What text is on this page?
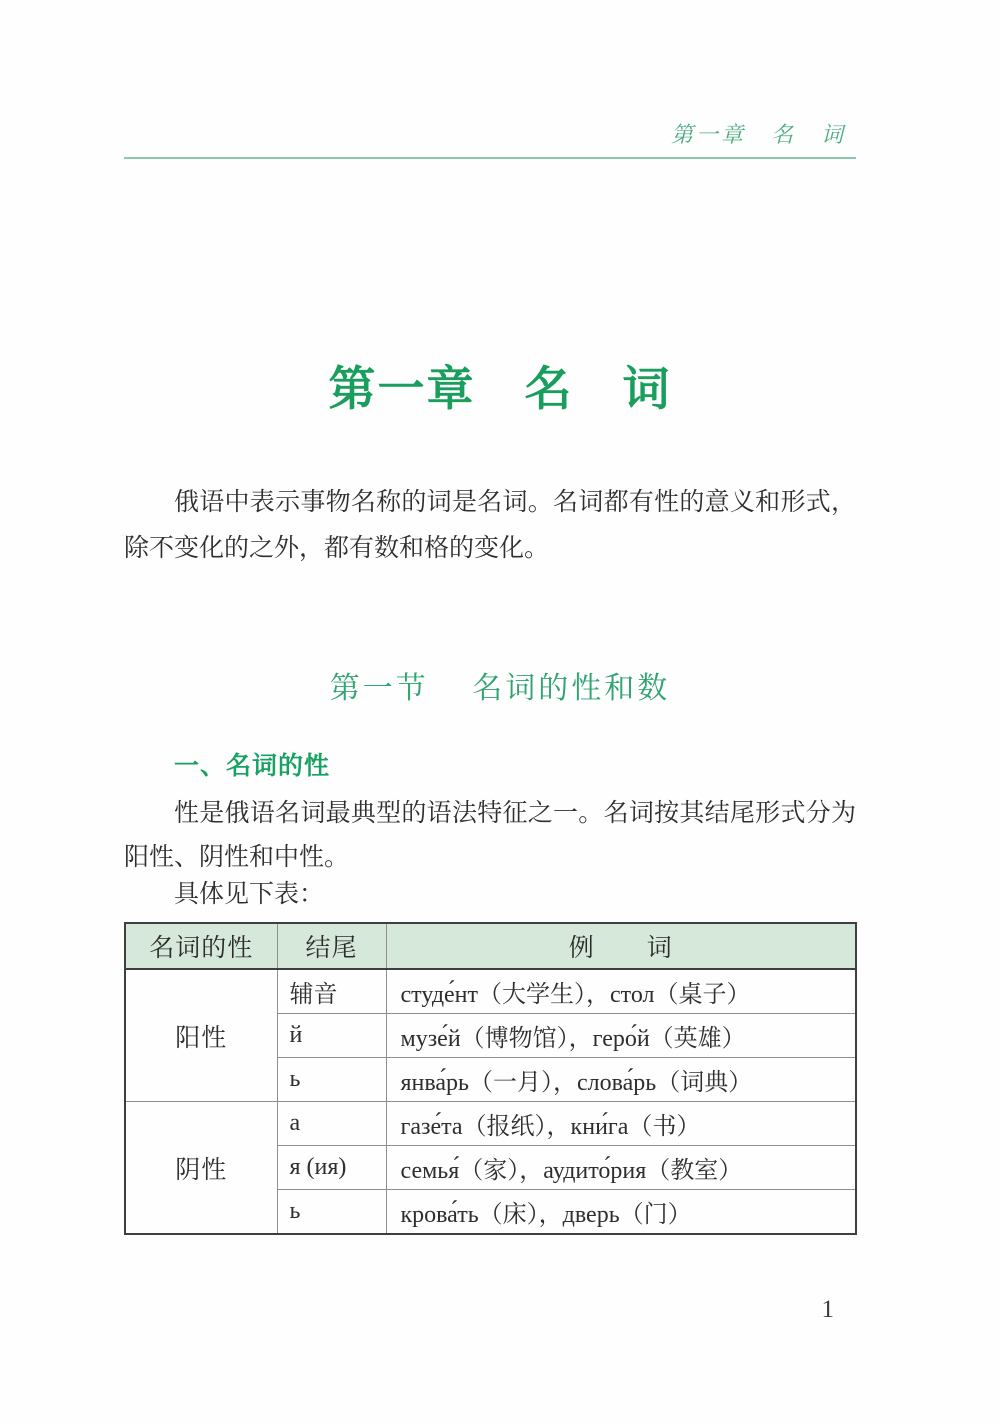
第一章　名　词
第一章　名　词
俄语中表示事物名称的词是名词。名词都有性的意义和形式，除不变化的之外，都有数和格的变化。
第一节　 名词的性和数
一、名词的性
性是俄语名词最典型的语法特征之一。名词按其结尾形式分为阳性、阴性和中性。
具体见下表：
名词的性	结尾	例　　词
阳性	辅音	студе́нт（大学生），стол（桌子）
	й	музе́й（博物馆），геро́й（英雄）
	ь	янва́рь（一月），слова́рь（词典）
阴性	а	газе́та（报纸），кни́га（书）
	я (ия)	семья́（家），аудито́рия（教室）
	ь	крова́ть（床），дверь（门）
1
